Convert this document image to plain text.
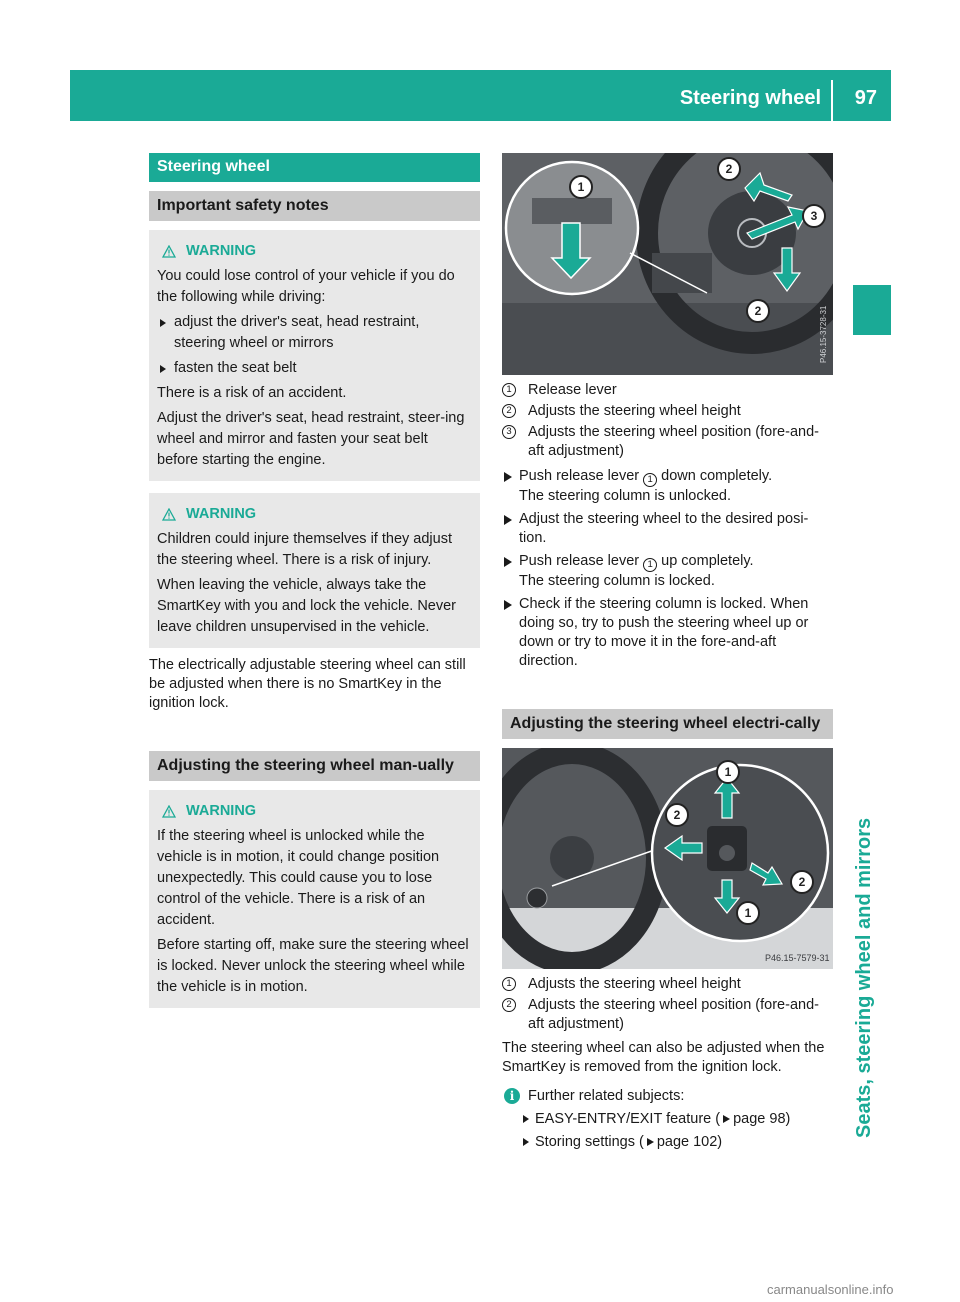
Steering wheel 97
Seats, steering wheel and mirrors
Steering wheel
Important safety notes
WARNING

You could lose control of your vehicle if you do the following while driving:

adjust the driver's seat, head restraint, steering wheel or mirrors
fasten the seat belt

There is a risk of an accident.

Adjust the driver's seat, head restraint, steer-ing wheel and mirror and fasten your seat belt before starting the engine.

WARNING

Children could injure themselves if they adjust the steering wheel. There is a risk of injury.

When leaving the vehicle, always take the SmartKey with you and lock the vehicle. Never leave children unsupervised in the vehicle.

The electrically adjustable steering wheel can still be adjusted when there is no SmartKey in the ignition lock.
Adjusting the steering wheel man-ually
WARNING

If the steering wheel is unlocked while the vehicle is in motion, it could change position unexpectedly. This could cause you to lose control of the vehicle. There is a risk of an accident.

Before starting off, make sure the steering wheel is locked. Never unlock the steering wheel while the vehicle is in motion.

1
2
3
2	P46.15-3728-31
1	Release lever
2	Adjusts the steering wheel height
3	Adjusts the steering wheel position (fore-and-aft adjustment)
Push release lever 1 down completely.
The steering column is unlocked.
Adjust the steering wheel to the desired posi-tion.
Push release lever 1 up completely.
The steering column is locked.
Check if the steering column is locked. When doing so, try to push the steering wheel up or down or try to move it in the fore-and-aft direction.
Adjusting the steering wheel electri-cally
1
2
2
1
P46.15-7579-31
1	Adjusts the steering wheel height
2	Adjusts the steering wheel position (fore-and-aft adjustment)
The steering wheel can also be adjusted when the SmartKey is removed from the ignition lock.
i Further related subjects:
EASY-ENTRY/EXIT feature ( page 98)
Storing settings ( page 102)
carmanualsonline.info
